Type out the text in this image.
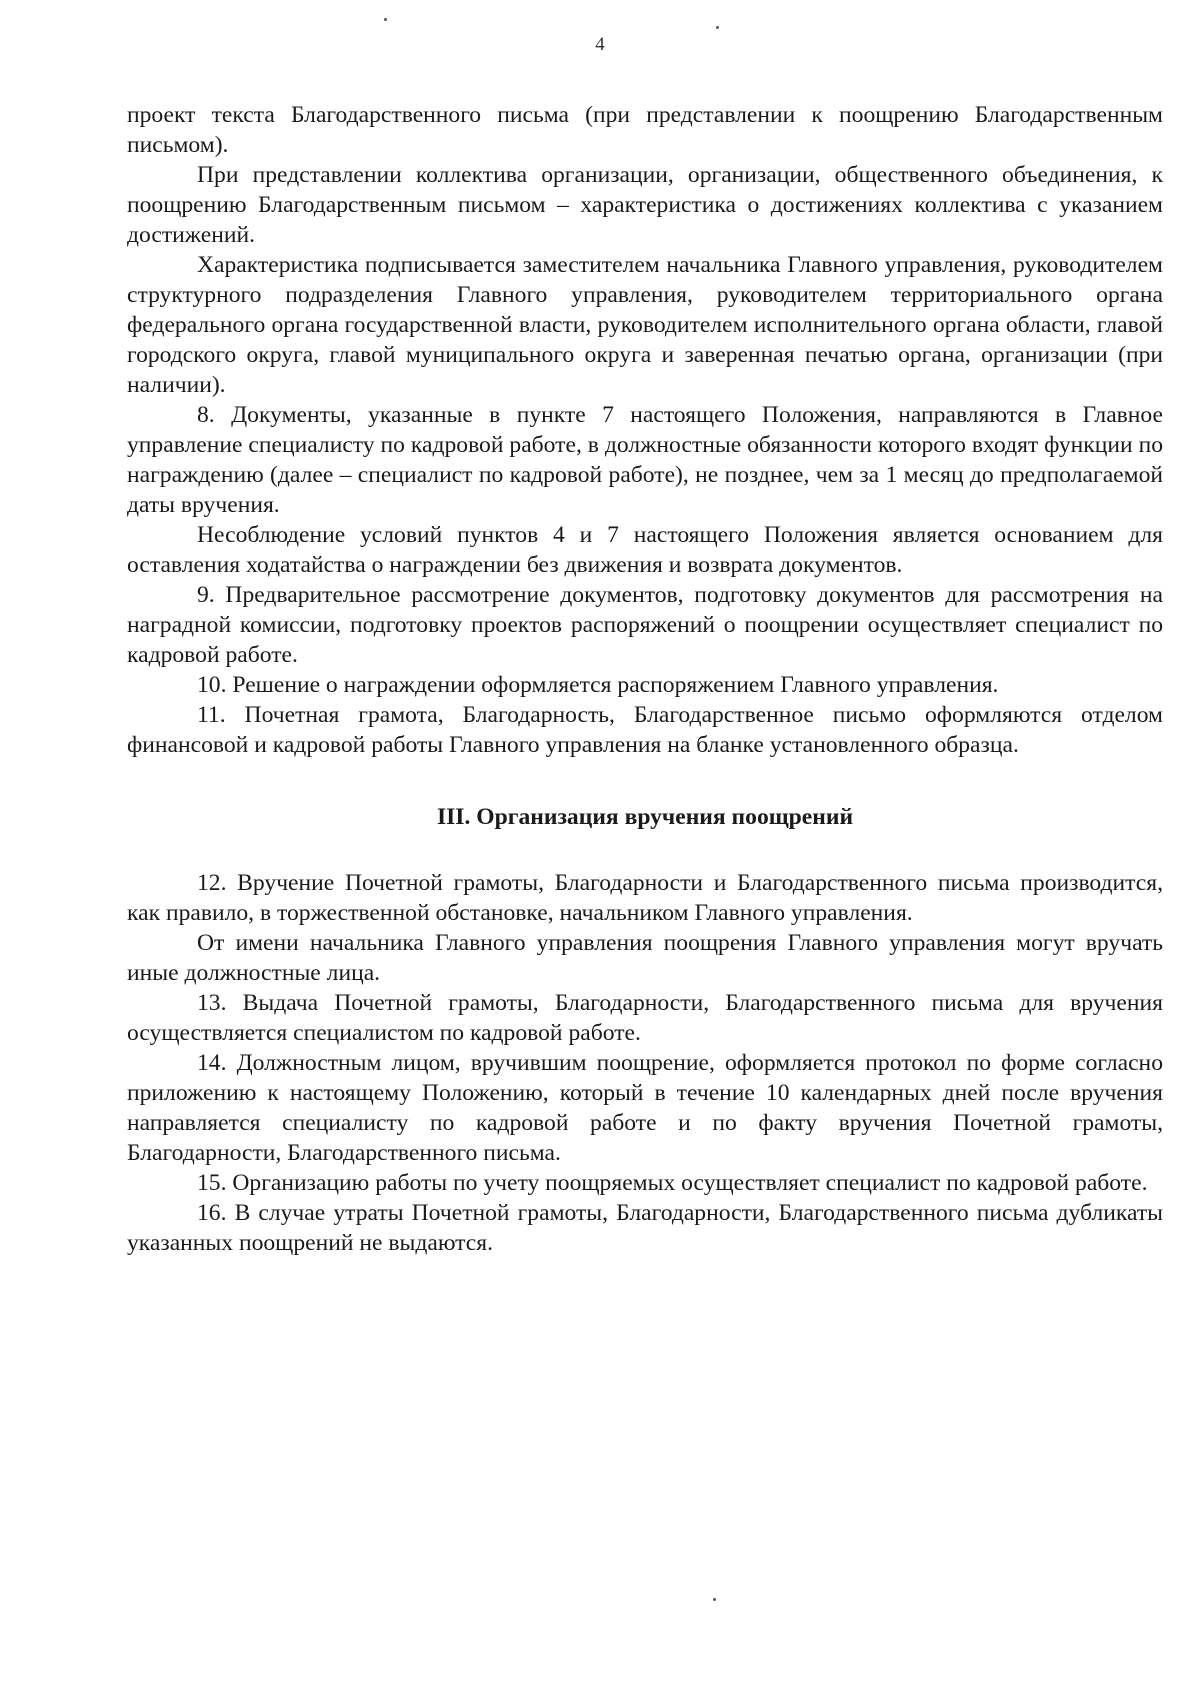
4

проект текста Благодарственного письма (при представлении к поощрению Благодарственным письмом).

При представлении коллектива организации, организации, общественного объединения, к поощрению Благодарственным письмом – характеристика о достижениях коллектива с указанием достижений.

Характеристика подписывается заместителем начальника Главного управления, руководителем структурного подразделения Главного управления, руководителем территориального органа федерального органа государственной власти, руководителем исполнительного органа области, главой городского округа, главой муниципального округа и заверенная печатью органа, организации (при наличии).

8. Документы, указанные в пункте 7 настоящего Положения, направляются в Главное управление специалисту по кадровой работе, в должностные обязанности которого входят функции по награждению (далее – специалист по кадровой работе), не позднее, чем за 1 месяц до предполагаемой даты вручения.

Несоблюдение условий пунктов 4 и 7 настоящего Положения является основанием для оставления ходатайства о награждении без движения и возврата документов.

9. Предварительное рассмотрение документов, подготовку документов для рассмотрения на наградной комиссии, подготовку проектов распоряжений о поощрении осуществляет специалист по кадровой работе.

10. Решение о награждении оформляется распоряжением Главного управления.

11. Почетная грамота, Благодарность, Благодарственное письмо оформляются отделом финансовой и кадровой работы Главного управления на бланке установленного образца.

III. Организация вручения поощрений

12. Вручение Почетной грамоты, Благодарности и Благодарственного письма производится, как правило, в торжественной обстановке, начальником Главного управления.

От имени начальника Главного управления поощрения Главного управления могут вручать иные должностные лица.

13. Выдача Почетной грамоты, Благодарности, Благодарственного письма для вручения осуществляется специалистом по кадровой работе.

14. Должностным лицом, вручившим поощрение, оформляется протокол по форме согласно приложению к настоящему Положению, который в течение 10 календарных дней после вручения направляется специалисту по кадровой работе и по факту вручения Почетной грамоты, Благодарности, Благодарственного письма.

15. Организацию работы по учету поощряемых осуществляет специалист по кадровой работе.

16. В случае утраты Почетной грамоты, Благодарности, Благодарственного письма дубликаты указанных поощрений не выдаются.
